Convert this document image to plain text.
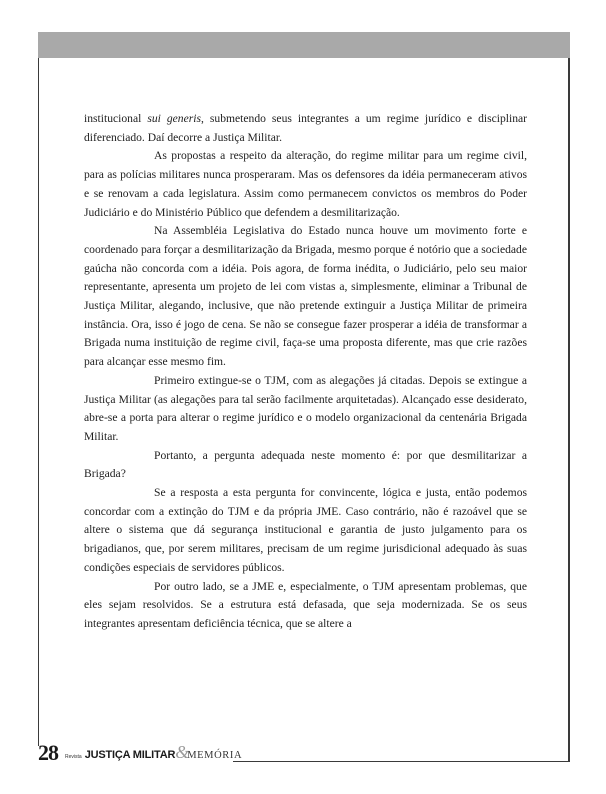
institucional sui generis, submetendo seus integrantes a um regime jurídico e disciplinar diferenciado. Daí decorre a Justiça Militar.

As propostas a respeito da alteração, do regime militar para um regime civil, para as polícias militares nunca prosperaram. Mas os defensores da idéia permaneceram ativos e se renovam a cada legislatura. Assim como permanecem convictos os membros do Poder Judiciário e do Ministério Público que defendem a desmilitarização.

Na Assembléia Legislativa do Estado nunca houve um movimento forte e coordenado para forçar a desmilitarização da Brigada, mesmo porque é notório que a sociedade gaúcha não concorda com a idéia. Pois agora, de forma inédita, o Judiciário, pelo seu maior representante, apresenta um projeto de lei com vistas a, simplesmente, eliminar a Tribunal de Justiça Militar, alegando, inclusive, que não pretende extinguir a Justiça Militar de primeira instância. Ora, isso é jogo de cena. Se não se consegue fazer prosperar a idéia de transformar a Brigada numa instituição de regime civil, faça-se uma proposta diferente, mas que crie razões para alcançar esse mesmo fim.

Primeiro extingue-se o TJM, com as alegações já citadas. Depois se extingue a Justiça Militar (as alegações para tal serão facilmente arquitetadas). Alcançado esse desiderato, abre-se a porta para alterar o regime jurídico e o modelo organizacional da centenária Brigada Militar.

Portanto, a pergunta adequada neste momento é: por que desmilitarizar a Brigada?

Se a resposta a esta pergunta for convincente, lógica e justa, então podemos concordar com a extinção do TJM e da própria JME. Caso contrário, não é razoável que se altere o sistema que dá segurança institucional e garantia de justo julgamento para os brigadianos, que, por serem militares, precisam de um regime jurisdicional adequado às suas condições especiais de servidores públicos.

Por outro lado, se a JME e, especialmente, o TJM apresentam problemas, que eles sejam resolvidos. Se a estrutura está defasada, que seja modernizada. Se os seus integrantes apresentam deficiência técnica, que se altere a

28 Revista JUSTIÇA MILITAR &
MEMÓRIA
